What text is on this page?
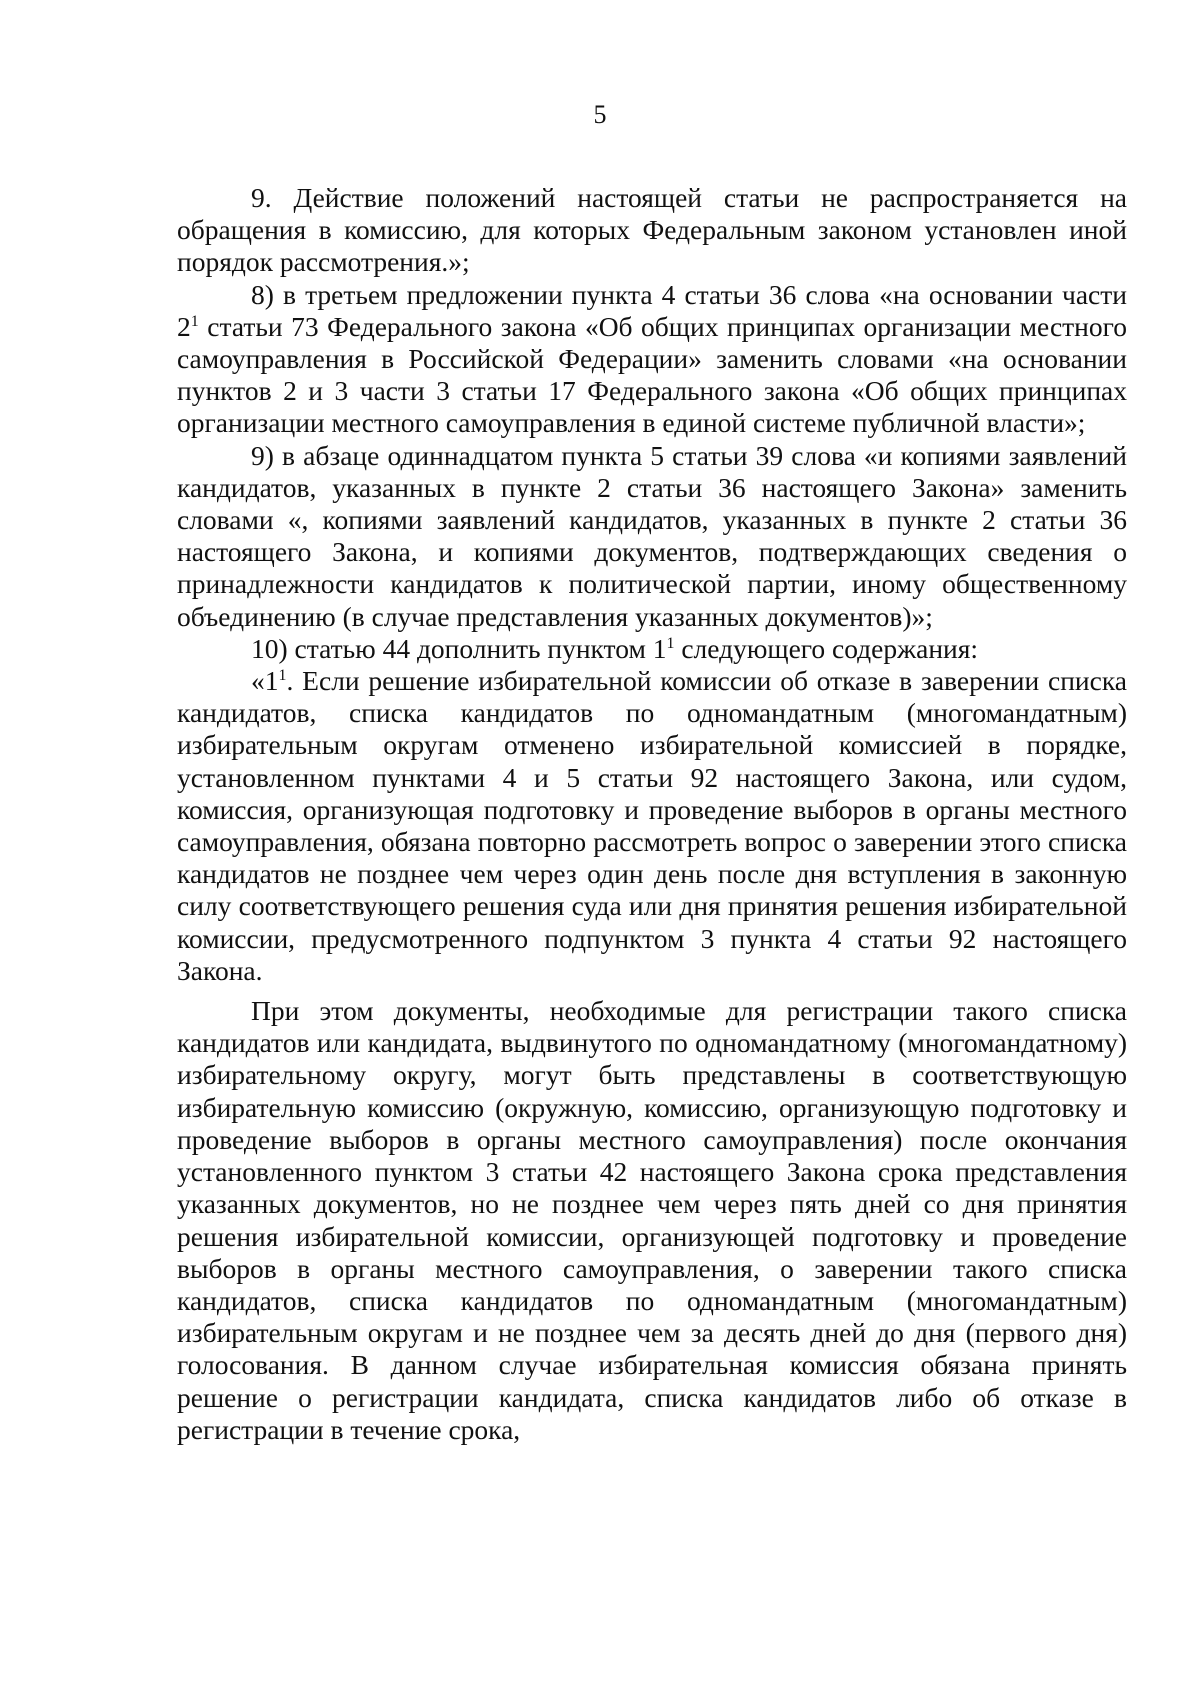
5

9. Действие положений настоящей статьи не распространяется на обращения в комиссию, для которых Федеральным законом установлен иной порядок рассмотрения.»;

8) в третьем предложении пункта 4 статьи 36 слова «на основании части $2^1$ статьи 73 Федерального закона «Об общих принципах организации местного самоуправления в Российской Федерации» заменить словами «на основании пунктов 2 и 3 части 3 статьи 17 Федерального закона «Об общих принципах организации местного самоуправления в единой системе публичной власти»;

9) в абзаце одиннадцатом пункта 5 статьи 39 слова «и копиями заявлений кандидатов, указанных в пункте 2 статьи 36 настоящего Закона» заменить словами «, копиями заявлений кандидатов, указанных в пункте 2 статьи 36 настоящего Закона, и копиями документов, подтверждающих сведения о принадлежности кандидатов к политической партии, иному общественному объединению (в случае представления указанных документов)»;

10) статью 44 дополнить пунктом $1^1$ следующего содержания:

«$1^1$. Если решение избирательной комиссии об отказе в заверении списка кандидатов, списка кандидатов по одномандатным (многомандатным) избирательным округам отменено избирательной комиссией в порядке, установленном пунктами 4 и 5 статьи 92 настоящего Закона, или судом, комиссия, организующая подготовку и проведение выборов в органы местного самоуправления, обязана повторно рассмотреть вопрос о заверении этого списка кандидатов не позднее чем через один день после дня вступления в законную силу соответствующего решения суда или дня принятия решения избирательной комиссии, предусмотренного подпунктом 3 пункта 4 статьи 92 настоящего Закона.

При этом документы, необходимые для регистрации такого списка кандидатов или кандидата, выдвинутого по одномандатному (многомандатному) избирательному округу, могут быть представлены в соответствующую избирательную комиссию (окружную, комиссию, организующую подготовку и проведение выборов в органы местного самоуправления) после окончания установленного пунктом 3 статьи 42 настоящего Закона срока представления указанных документов, но не позднее чем через пять дней со дня принятия решения избирательной комиссии, организующей подготовку и проведение выборов в органы местного самоуправления, о заверении такого списка кандидатов, списка кандидатов по одномандатным (многомандатным) избирательным округам и не позднее чем за десять дней до дня (первого дня) голосования. В данном случае избирательная комиссия обязана принять решение о регистрации кандидата, списка кандидатов либо об отказе в регистрации в течение срока,
